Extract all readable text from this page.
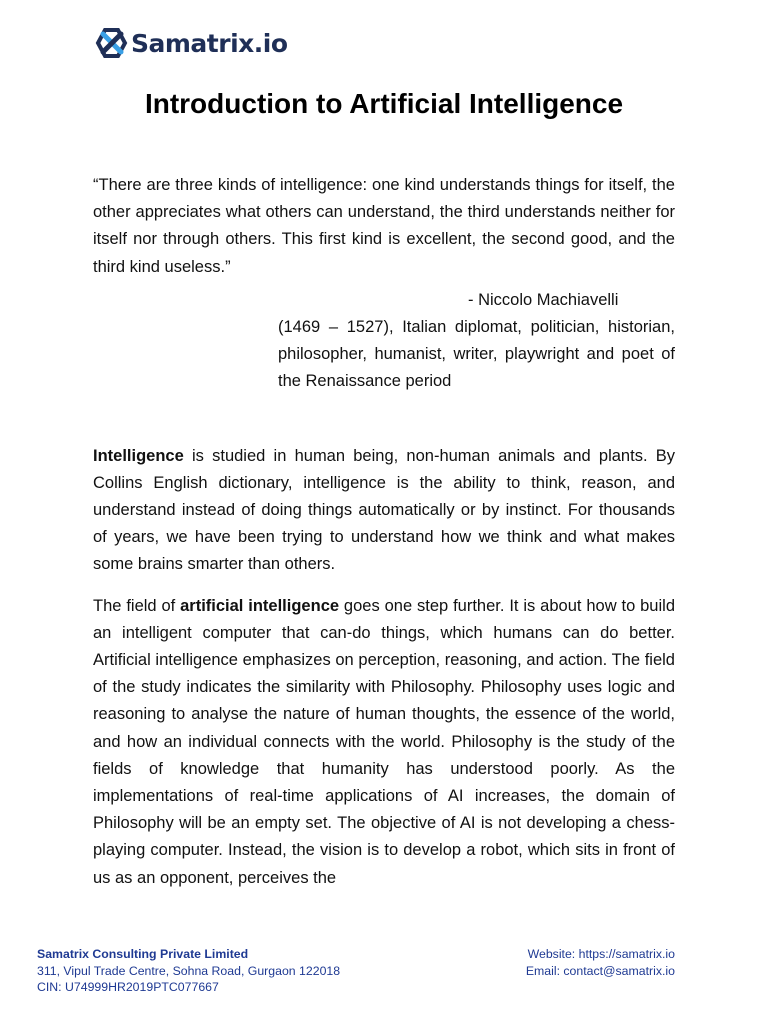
Samatrix.io
Introduction to Artificial Intelligence

“There are three kinds of intelligence: one kind understands things for itself, the other appreciates what others can understand, the third understands neither for itself nor through others. This first kind is excellent, the second good, and the third kind useless.”

- Niccolo Machiavelli

(1469 – 1527), Italian diplomat, politician, historian, philosopher, humanist, writer, playwright and poet of the Renaissance period

Intelligence is studied in human being, non-human animals and plants. By Collins English dictionary, intelligence is the ability to think, reason, and understand instead of doing things automatically or by instinct. For thousands of years, we have been trying to understand how we think and what makes some brains smarter than others.

The field of artificial intelligence goes one step further. It is about how to build an intelligent computer that can-do things, which humans can do better. Artificial intelligence emphasizes on perception, reasoning, and action. The field of the study indicates the similarity with Philosophy. Philosophy uses logic and reasoning to analyse the nature of human thoughts, the essence of the world, and how an individual connects with the world. Philosophy is the study of the fields of knowledge that humanity has understood poorly. As the implementations of real-time applications of AI increases, the domain of Philosophy will be an empty set. The objective of AI is not developing a chess-playing computer. Instead, the vision is to develop a robot, which sits in front of us as an opponent, perceives the

Samatrix Consulting Private Limited
311, Vipul Trade Centre, Sohna Road, Gurgaon 122018
CIN: U74999HR2019PTC077667
Website: https://samatrix.io
Email: contact@samatrix.io
